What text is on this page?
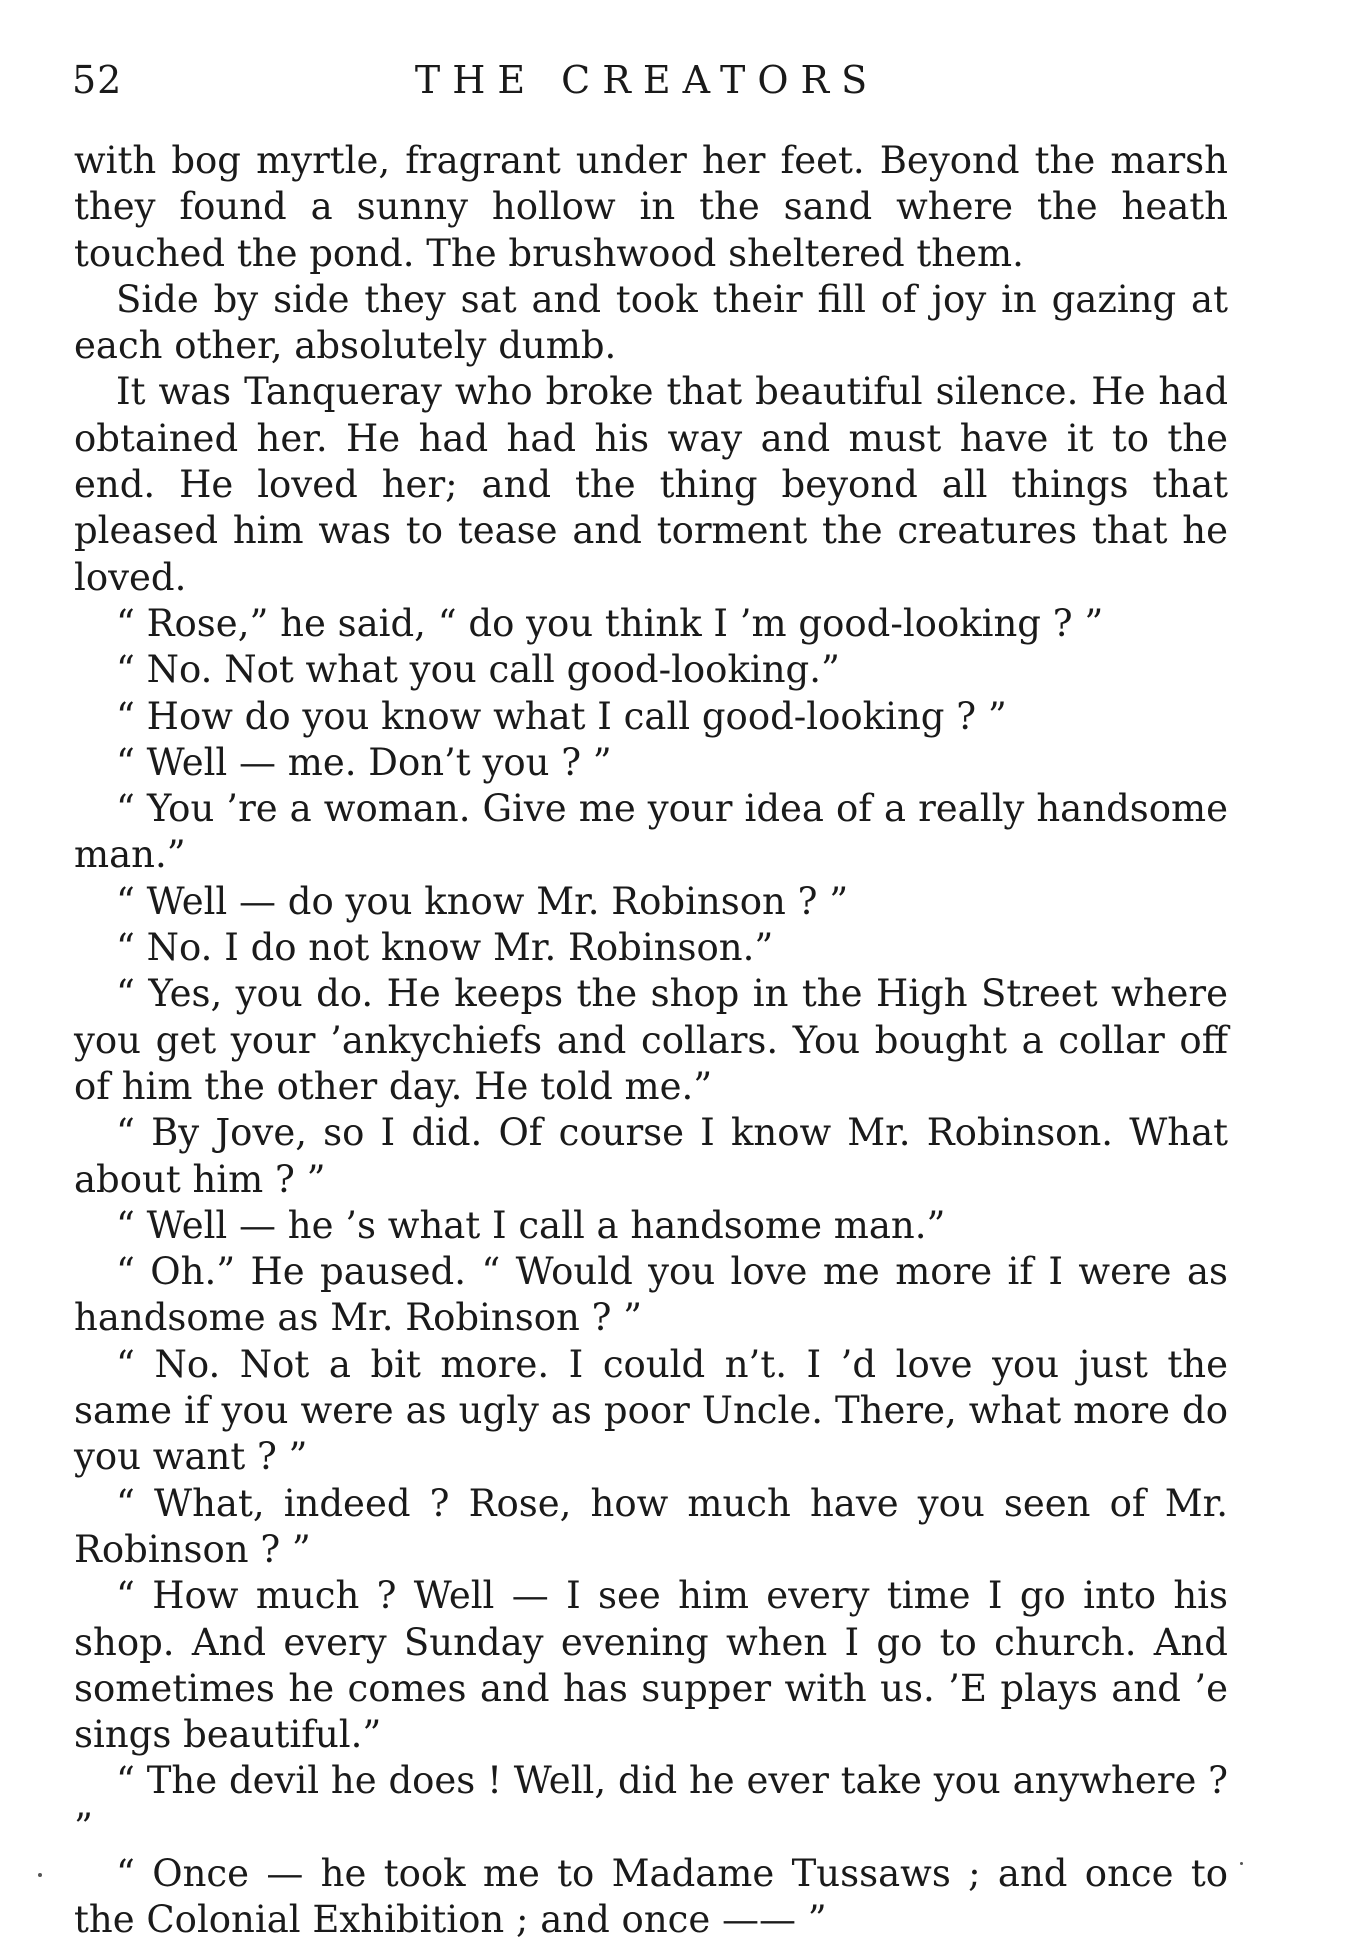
52	THE CREATORS

with bog myrtle, fragrant under her feet. Beyond the marsh they found a sunny hollow in the sand where the heath touched the pond. The brushwood sheltered them.

Side by side they sat and took their fill of joy in gazing at each other, absolutely dumb.

It was Tanqueray who broke that beautiful silence. He had obtained her. He had had his way and must have it to the end. He loved her; and the thing beyond all things that pleased him was to tease and torment the creatures that he loved.

“ Rose,” he said, “ do you think I ’m good-looking ? ”

“ No. Not what you call good-looking.”

“ How do you know what I call good-looking ? ”

“ Well — me. Don’t you ? ”

“ You ’re a woman. Give me your idea of a really handsome man.”

“ Well — do you know Mr. Robinson ? ”

“ No. I do not know Mr. Robinson.”

“ Yes, you do. He keeps the shop in the High Street where you get your ’ankychiefs and collars. You bought a collar off of him the other day. He told me.”

“ By Jove, so I did. Of course I know Mr. Robinson. What about him ? ”

“ Well — he ’s what I call a handsome man.”

“ Oh.” He paused. “ Would you love me more if I were as handsome as Mr. Robinson ? ”

“ No. Not a bit more. I could n’t. I ’d love you just the same if you were as ugly as poor Uncle. There, what more do you want ? ”

“ What, indeed ? Rose, how much have you seen of Mr. Robinson ? ”

“ How much ? Well — I see him every time I go into his shop. And every Sunday evening when I go to church. And sometimes he comes and has supper with us. ’E plays and ’e sings beautiful.”

“ The devil he does ! Well, did he ever take you anywhere ? ”

“ Once — he took me to Madame Tussaws ; and once to the Colonial Exhibition ; and once —— ”
